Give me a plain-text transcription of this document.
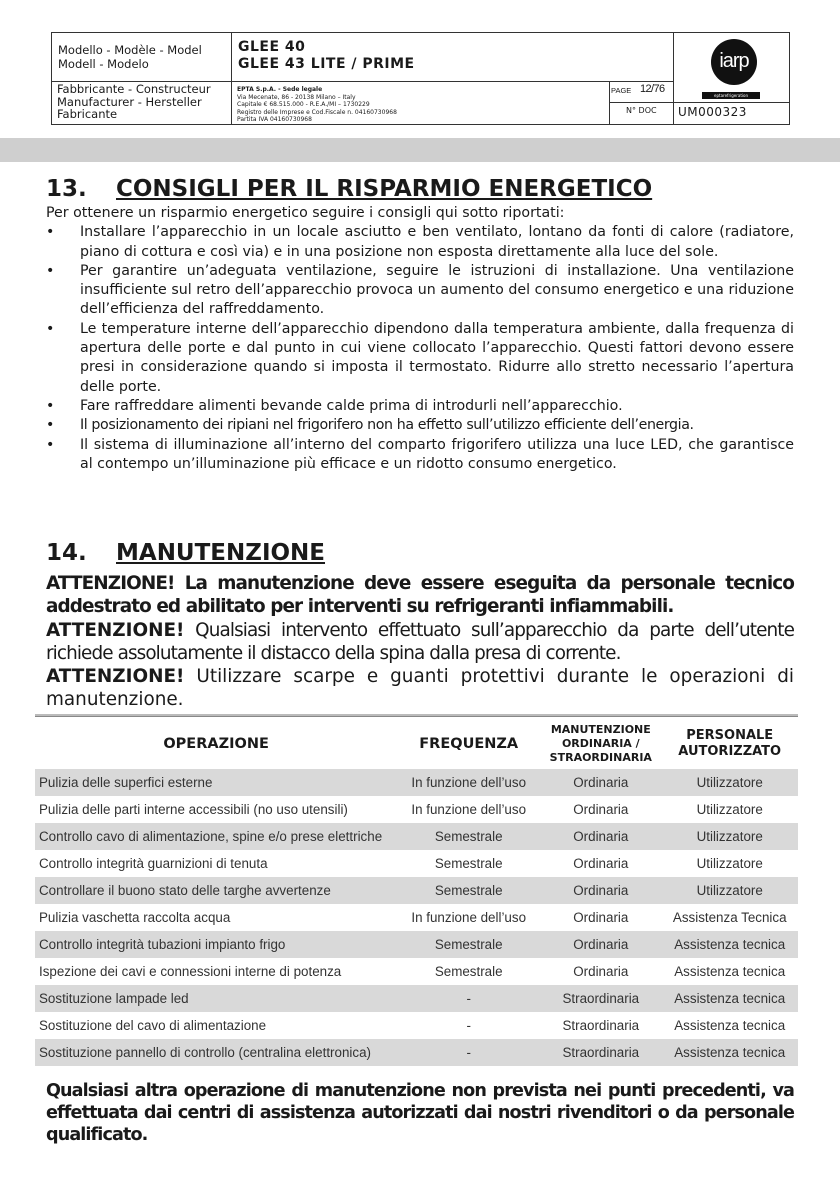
Modello - Modèle - Model
Modell - Modelo
GLEE 40
GLEE 43 LITE / PRIME
Fabbricante - Constructeur
Manufacturer - Hersteller
Fabricante
EPTA S.p.A. - Sede legale
Via Mecenate, 86 - 20138 Milano – Italy
Capitale € 68.515.000 - R.E.A./MI – 1730229
Registro delle Imprese e Cod.Fiscale n. 04160730968
Partita IVA 04160730968
PAGE 12/76
N° DOC UM000323
iarp
eptarefrigeration
13. CONSIGLI PER IL RISPARMIO ENERGETICO
Per ottenere un risparmio energetico seguire i consigli qui sotto riportati:
• Installare l’apparecchio in un locale asciutto e ben ventilato, lontano da fonti di calore (radiatore, piano di cottura e così via) e in una posizione non esposta direttamente alla luce del sole.
• Per garantire un’adeguata ventilazione, seguire le istruzioni di installazione. Una ventilazione insufficiente sul retro dell’apparecchio provoca un aumento del consumo energetico e una riduzione dell’efficienza del raffreddamento.
• Le temperature interne dell’apparecchio dipendono dalla temperatura ambiente, dalla frequenza di apertura delle porte e dal punto in cui viene collocato l’apparecchio. Questi fattori devono essere presi in considerazione quando si imposta il termostato. Ridurre allo stretto necessario l’apertura delle porte.
• Fare raffreddare alimenti bevande calde prima di introdurli nell’apparecchio.
• Il posizionamento dei ripiani nel frigorifero non ha effetto sull’utilizzo efficiente dell’energia.
• Il sistema di illuminazione all’interno del comparto frigorifero utilizza una luce LED, che garantisce al contempo un’illuminazione più efficace e un ridotto consumo energetico.
14. MANUTENZIONE
ATTENZIONE! La manutenzione deve essere eseguita da personale tecnico addestrato ed abilitato per interventi su refrigeranti infiammabili.
ATTENZIONE! Qualsiasi intervento effettuato sull’apparecchio da parte dell’utente richiede assolutamente il distacco della spina dalla presa di corrente.
ATTENZIONE! Utilizzare scarpe e guanti protettivi durante le operazioni di manutenzione.
OPERAZIONE	FREQUENZA	MANUTENZIONE ORDINARIA / STRAORDINARIA	PERSONALE AUTORIZZATO
Pulizia delle superfici esterne	In funzione dell’uso	Ordinaria	Utilizzatore
Pulizia delle parti interne accessibili (no uso utensili)	In funzione dell’uso	Ordinaria	Utilizzatore
Controllo cavo di alimentazione, spine e/o prese elettriche	Semestrale	Ordinaria	Utilizzatore
Controllo integrità guarnizioni di tenuta	Semestrale	Ordinaria	Utilizzatore
Controllare il buono stato delle targhe avvertenze	Semestrale	Ordinaria	Utilizzatore
Pulizia vaschetta raccolta acqua	In funzione dell’uso	Ordinaria	Assistenza Tecnica
Controllo integrità tubazioni impianto frigo	Semestrale	Ordinaria	Assistenza tecnica
Ispezione dei cavi e connessioni interne di potenza	Semestrale	Ordinaria	Assistenza tecnica
Sostituzione lampade led	-	Straordinaria	Assistenza tecnica
Sostituzione del cavo di alimentazione	-	Straordinaria	Assistenza tecnica
Sostituzione pannello di controllo (centralina elettronica)	-	Straordinaria	Assistenza tecnica
Qualsiasi altra operazione di manutenzione non prevista nei punti precedenti, va effettuata dai centri di assistenza autorizzati dai nostri rivenditori o da personale qualificato.
